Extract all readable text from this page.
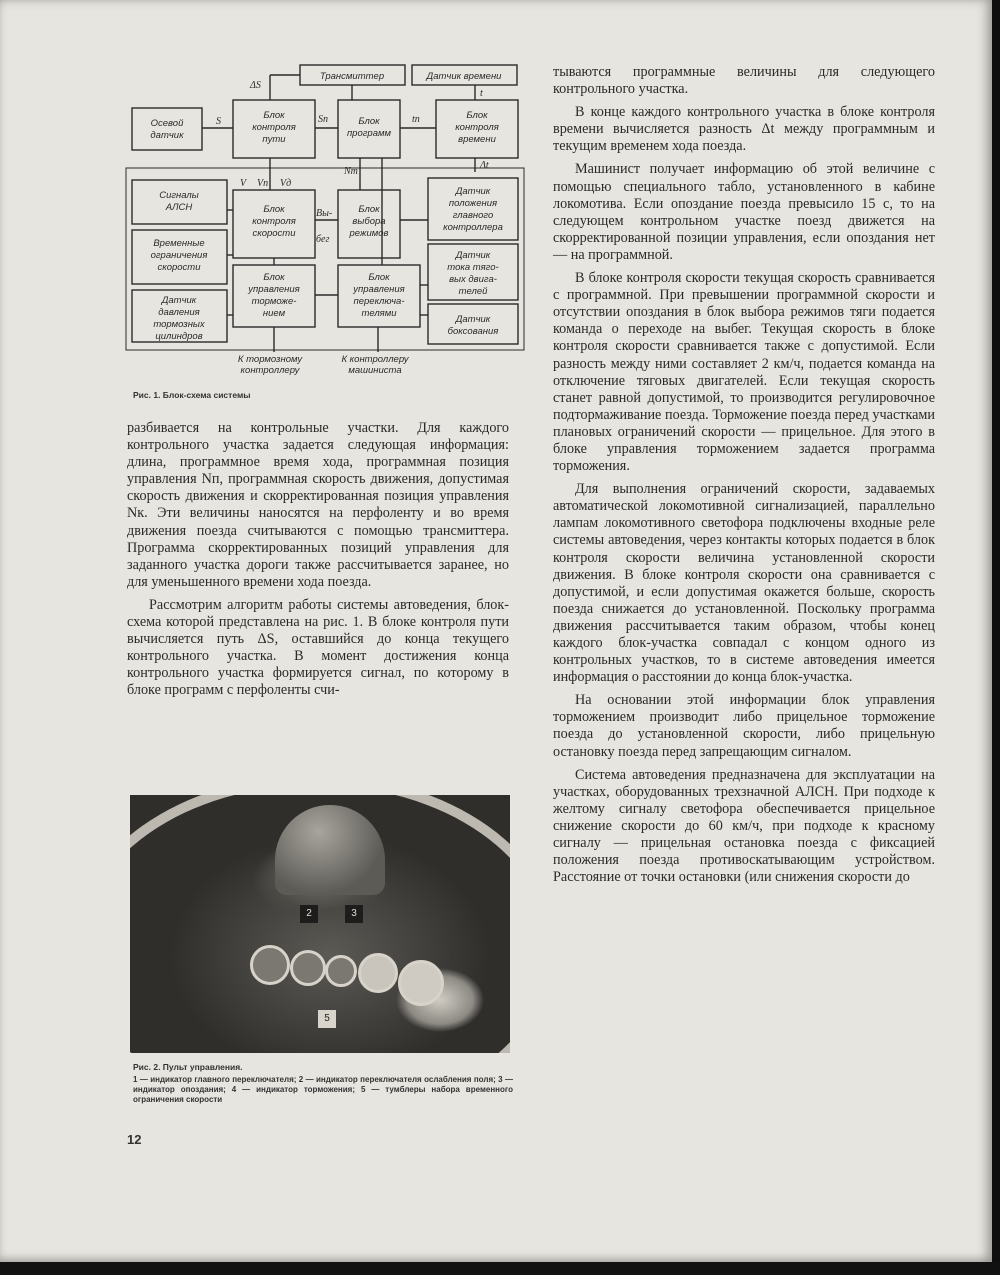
Трансмиттер	Датчик времени
Осевой
датчик
Блок
контроля
пути
Блок
программ
Блок
контроля
времени
Сигналы
АЛСН
Временные
ограничения
скорости
Датчик
давления
тормозных
цилиндров
Блок
контроля
скорости
Блок
выбора
режимов
Датчик
положения
главного
контроллера
Датчик
тока тяго-
вых двига-
телей
Блок
управления
торможе-
нием
Блок
управления
переключа-
телями
Датчик
боксования
К тормозному
контроллеру
К контроллеру
машиниста
ΔS
S	Sп	tп
t
Δt
V Vп Vд
Nт
Вы-
бег
Рис. 1. Блок-схема системы

разбивается на контрольные участки. Для каждого контрольного участка задается следующая информация: длина, программное время хода, программная позиция управления Nп, программная скорость движения, допустимая скорость движения и скорректированная позиция управления Nк. Эти величины наносятся на перфоленту и во время движения поезда считываются с помощью трансмиттера. Программа скорректированных позиций управления для заданного участка дороги также рассчитывается заранее, но для уменьшенного времени хода поезда.

Рассмотрим алгоритм работы системы автоведения, блок-схема которой представлена на рис. 1. В блоке контроля пути вычисляется путь ΔS, оставшийся до конца текущего контрольного участка. В момент достижения конца контрольного участка формируется сигнал, по которому в блоке программ с перфоленты счи-

2	3
5
Рис. 2. Пульт управления.
1 — индикатор главного переключателя; 2 — индикатор переключателя ослабления поля; 3 — индикатор опоздания; 4 — индикатор торможения; 5 — тумблеры набора временного ограничения скорости
12

тываются программные величины для следующего контрольного участка.

В конце каждого контрольного участка в блоке контроля времени вычисляется разность Δt между программным и текущим временем хода поезда.

Машинист получает информацию об этой величине с помощью специального табло, установленного в кабине локомотива. Если опоздание поезда превысило 15 с, то на следующем контрольном участке поезд движется на скорректированной позиции управления, если опоздания нет — на программной.

В блоке контроля скорости текущая скорость сравнивается с программной. При превышении программной скорости и отсутствии опоздания в блок выбора режимов тяги подается команда о переходе на выбег. Текущая скорость в блоке контроля скорости сравнивается также с допустимой. Если разность между ними составляет 2 км/ч, подается команда на отключение тяговых двигателей. Если текущая скорость станет равной допустимой, то производится регулировочное подтормаживание поезда. Торможение поезда перед участками плановых ограничений скорости — прицельное. Для этого в блоке управления торможением задается программа торможения.

Для выполнения ограничений скорости, задаваемых автоматической локомотивной сигнализацией, параллельно лампам локомотивного светофора подключены входные реле системы автоведения, через контакты которых подается в блок контроля скорости величина установленной скорости движения. В блоке контроля скорости она сравнивается с допустимой, и если допустимая окажется больше, скорость поезда снижается до установленной. Поскольку программа движения рассчитывается таким образом, чтобы конец каждого блок-участка совпадал с концом одного из контрольных участков, то в системе автоведения имеется информация о расстоянии до конца блок-участка.

На основании этой информации блок управления торможением производит либо прицельное торможение поезда до установленной скорости, либо прицельную остановку поезда перед запрещающим сигналом.

Система автоведения предназначена для эксплуатации на участках, оборудованных трехзначной АЛСН. При подходе к желтому сигналу светофора обеспечивается прицельное снижение скорости до 60 км/ч, при подходе к красному сигналу — прицельная остановка поезда с фиксацией положения поезда противоскатывающим устройством. Расстояние от точки остановки (или снижения скорости до
